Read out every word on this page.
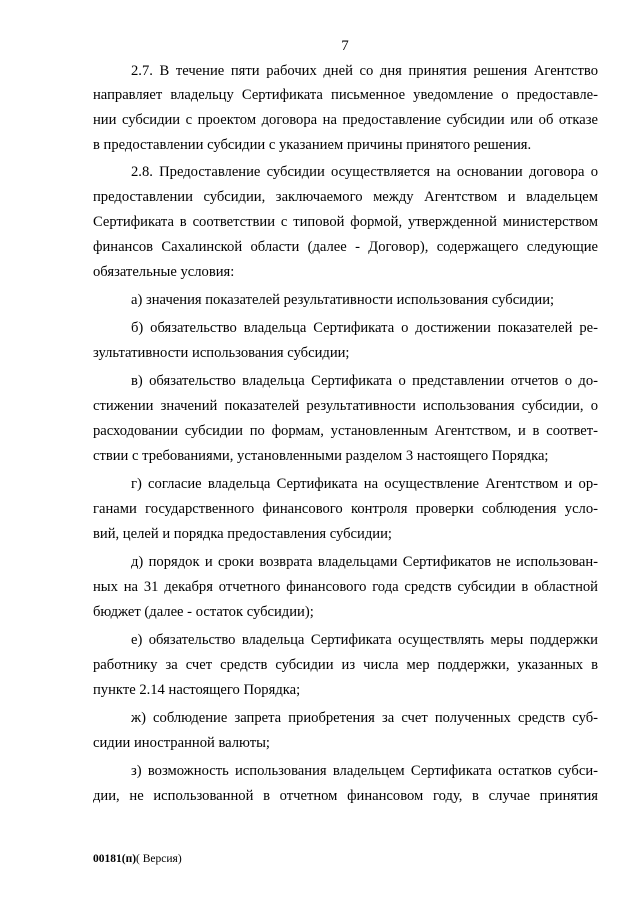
7
2.7. В течение пяти рабочих дней со дня принятия решения Агентство
направляет владельцу Сертификата письменное уведомление о предоставле-
нии субсидии с проектом договора на предоставление субсидии или об отказе
в предоставлении субсидии с указанием причины принятого решения.
2.8. Предоставление субсидии осуществляется на основании договора о
предоставлении субсидии, заключаемого между Агентством и владельцем
Сертификата в соответствии с типовой формой, утвержденной министерством
финансов Сахалинской области (далее - Договор), содержащего следующие
обязательные условия:
а) значения показателей результативности использования субсидии;
б) обязательство владельца Сертификата о достижении показателей ре-
зультативности использования субсидии;
в) обязательство владельца Сертификата о представлении отчетов о до-
стижении значений показателей результативности использования субсидии, о
расходовании субсидии по формам, установленным Агентством, и в соответ-
ствии с требованиями, установленными разделом 3 настоящего Порядка;
г) согласие владельца Сертификата на осуществление Агентством и ор-
ганами государственного финансового контроля проверки соблюдения усло-
вий, целей и порядка предоставления субсидии;
д) порядок и сроки возврата владельцами Сертификатов не использован-
ных на 31 декабря отчетного финансового года средств субсидии в областной
бюджет (далее - остаток субсидии);
е) обязательство владельца Сертификата осуществлять меры поддержки
работнику за счет средств субсидии из числа мер поддержки, указанных в
пункте 2.14 настоящего Порядка;
ж) соблюдение запрета приобретения за счет полученных средств суб-
сидии иностранной валюты;
з) возможность использования владельцем Сертификата остатков субси-
дии, не использованной в отчетном финансовом году, в случае принятия
00181(п)( Версия)
